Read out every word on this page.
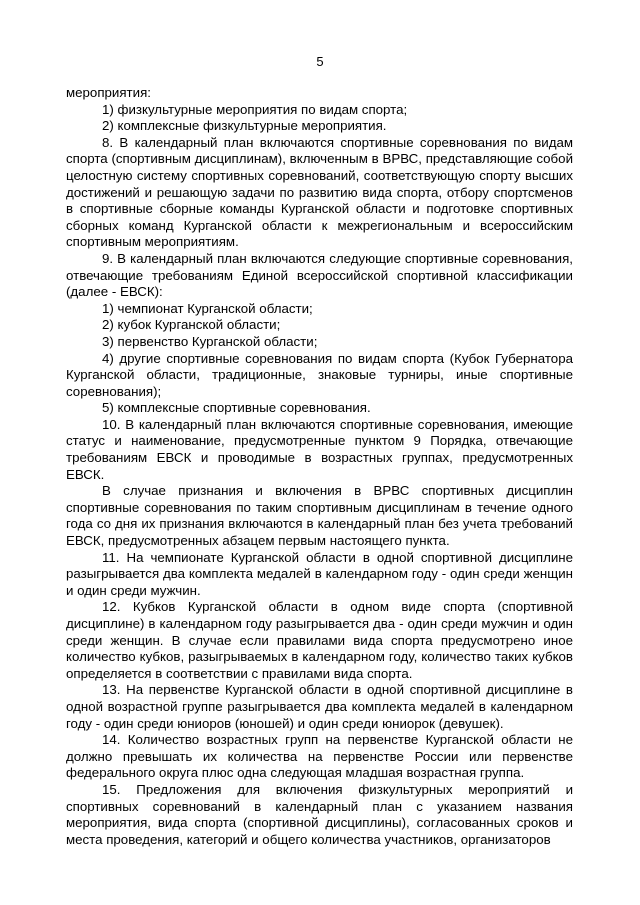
5

мероприятия:

1) физкультурные мероприятия по видам спорта;

2) комплексные физкультурные мероприятия.

8. В календарный план включаются спортивные соревнования по видам спорта (спортивным дисциплинам), включенным в ВРВС, представляющие собой целостную систему спортивных соревнований, соответствующую спорту высших достижений и решающую задачи по развитию вида спорта, отбору спортсменов в спортивные сборные команды Курганской области и подготовке спортивных сборных команд Курганской области к межрегиональным и всероссийским спортивным мероприятиям.

9. В календарный план включаются следующие спортивные соревнования, отвечающие требованиям Единой всероссийской спортивной классификации (далее - ЕВСК):

1) чемпионат Курганской области;

2) кубок Курганской области;

3) первенство Курганской области;

4) другие спортивные соревнования по видам спорта (Кубок Губернатора Курганской области, традиционные, знаковые турниры, иные спортивные соревнования);

5) комплексные спортивные соревнования.

10. В календарный план включаются спортивные соревнования, имеющие статус и наименование, предусмотренные пунктом 9 Порядка, отвечающие требованиям ЕВСК и проводимые в возрастных группах, предусмотренных ЕВСК.

В случае признания и включения в ВРВС спортивных дисциплин спортивные соревнования по таким спортивным дисциплинам в течение одного года со дня их признания включаются в календарный план без учета требований ЕВСК, предусмотренных абзацем первым настоящего пункта.

11. На чемпионате Курганской области в одной спортивной дисциплине разыгрывается два комплекта медалей в календарном году - один среди женщин и один среди мужчин.

12. Кубков Курганской области в одном виде спорта (спортивной дисциплине) в календарном году разыгрывается два - один среди мужчин и один среди женщин. В случае если правилами вида спорта предусмотрено иное количество кубков, разыгрываемых в календарном году, количество таких кубков определяется в соответствии с правилами вида спорта.

13. На первенстве Курганской области в одной спортивной дисциплине в одной возрастной группе разыгрывается два комплекта медалей в календарном году - один среди юниоров (юношей) и один среди юниорок (девушек).

14. Количество возрастных групп на первенстве Курганской области не должно превышать их количества на первенстве России или первенстве федерального округа плюс одна следующая младшая возрастная группа.

15. Предложения для включения физкультурных мероприятий и спортивных соревнований в календарный план с указанием названия мероприятия, вида спорта (спортивной дисциплины), согласованных сроков и места проведения, категорий и общего количества участников, организаторов
